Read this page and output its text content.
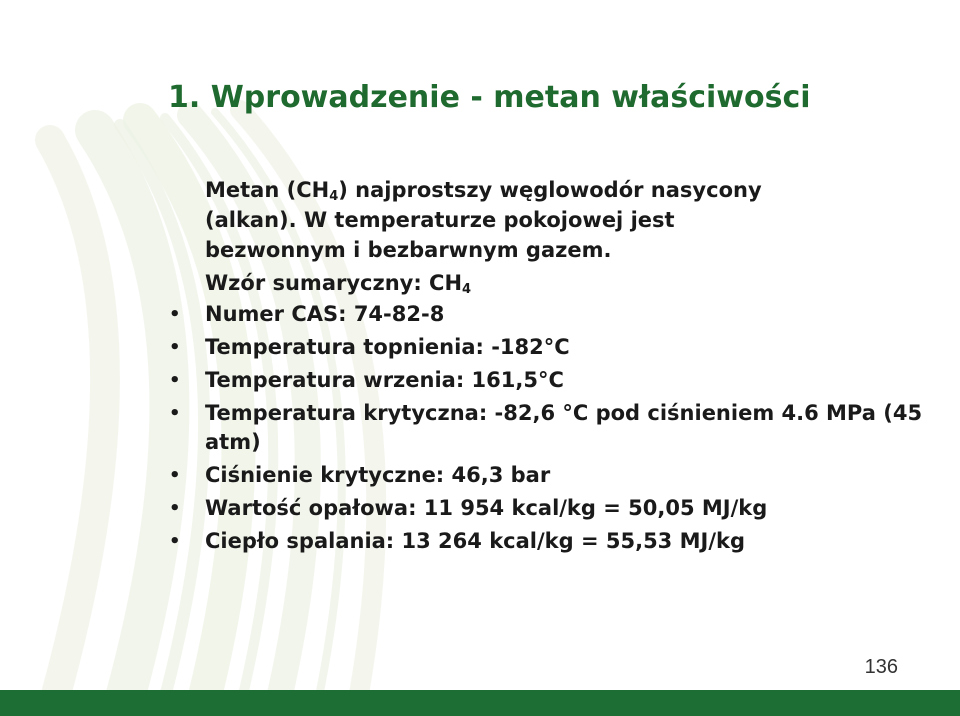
1. Wprowadzenie - metan właściwości

Metan $(CH_4)$ najprostszy węglowodór nasycony
(alkan). W temperaturze pokojowej jest
bezwonnym i bezbarwnym gazem.

Wzór sumaryczny: $CH_4$

• Numer CAS: 74-82-8
• Temperatura topnienia: -182°C
• Temperatura wrzenia: 161,5°C
• Temperatura krytyczna: -82,6 °C pod ciśnieniem 4.6 MPa (45 atm)
• Ciśnienie krytyczne: 46,3 bar
• Wartość opałowa: 11 954 kcal/kg = 50,05 MJ/kg
• Ciepło spalania: 13 264 kcal/kg = 55,53 MJ/kg
136
